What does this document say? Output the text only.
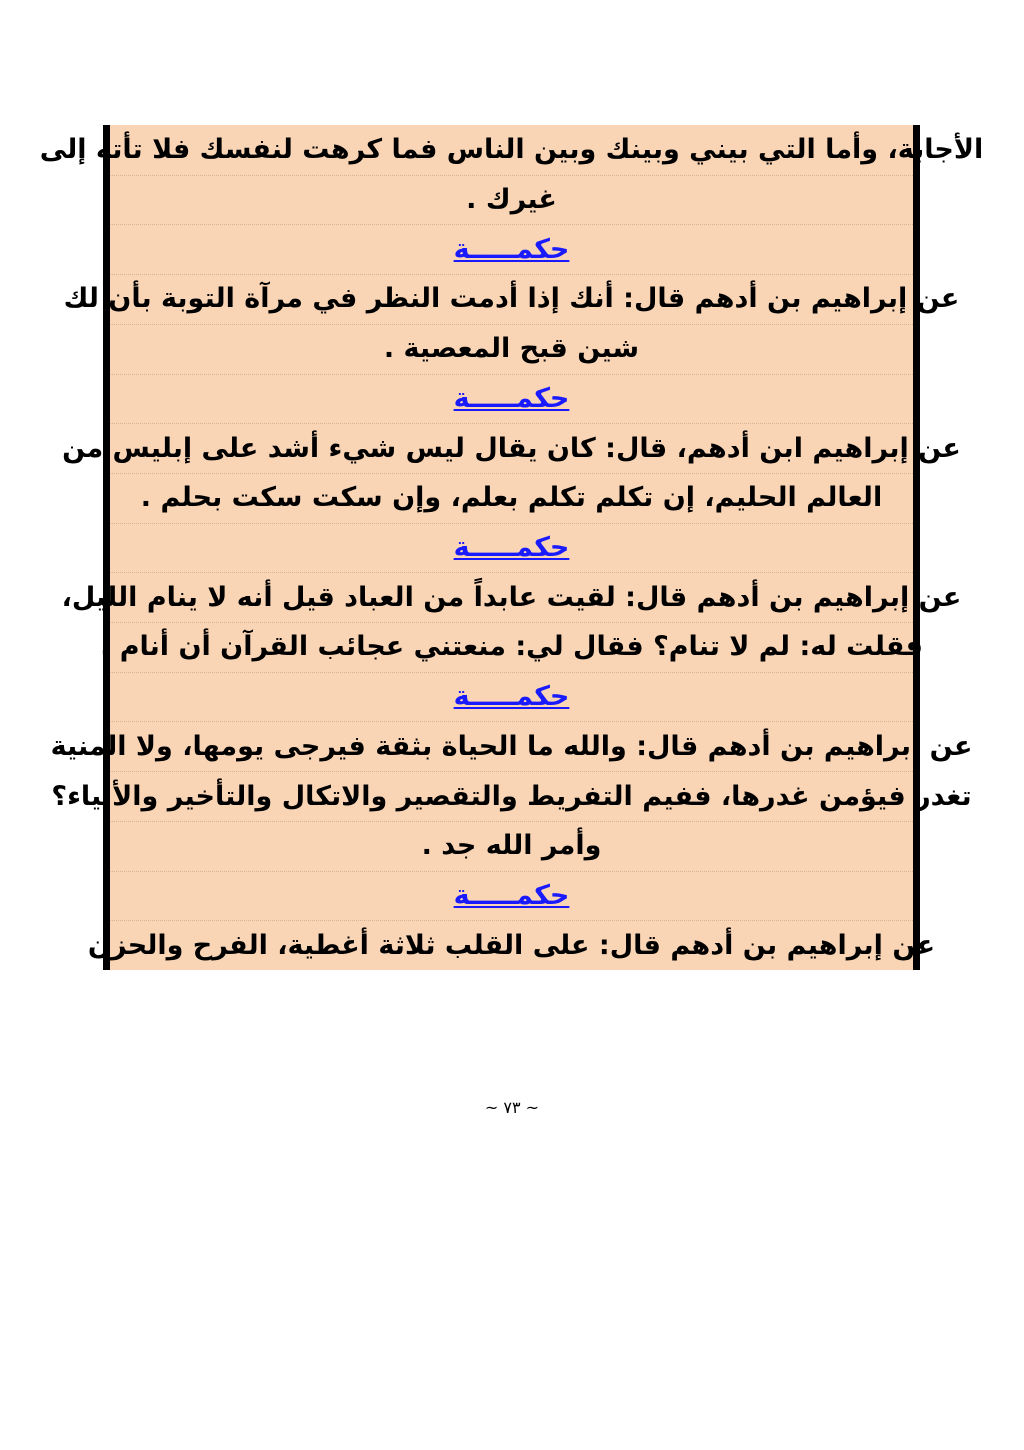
الأجابة، وأما التي بيني وبينك وبين الناس فما كرهت لنفسك فلا تأته إلى
غيرك .
حكمـــــة
عن إبراهيم بن أدهم قال: أنك إذا أدمت النظر في مرآة التوبة بأن لك
شين قبح المعصية .
حكمـــــة
عن إبراهيم ابن أدهم، قال: كان يقال ليس شيء أشد على إبليس من
العالم الحليم، إن تكلم تكلم بعلم، وإن سكت سكت بحلم .
حكمـــــة
عن إبراهيم بن أدهم قال: لقيت عابداً من العباد قيل أنه لا ينام الليل،
فقلت له: لم لا تنام؟ فقال لي: منعتني عجائب القرآن أن أنام .
حكمـــــة
عن إبراهيم بن أدهم قال: والله ما الحياة بثقة فيرجى يومها، ولا المنية
تغدر فيؤمن غدرها، ففيم التفريط والتقصير والاتكال والتأخير والأبياء؟
وأمر الله جد .
حكمـــــة
عن إبراهيم بن أدهم قال: على القلب ثلاثة أغطية، الفرح والحزن
~ ٧٣ ~
